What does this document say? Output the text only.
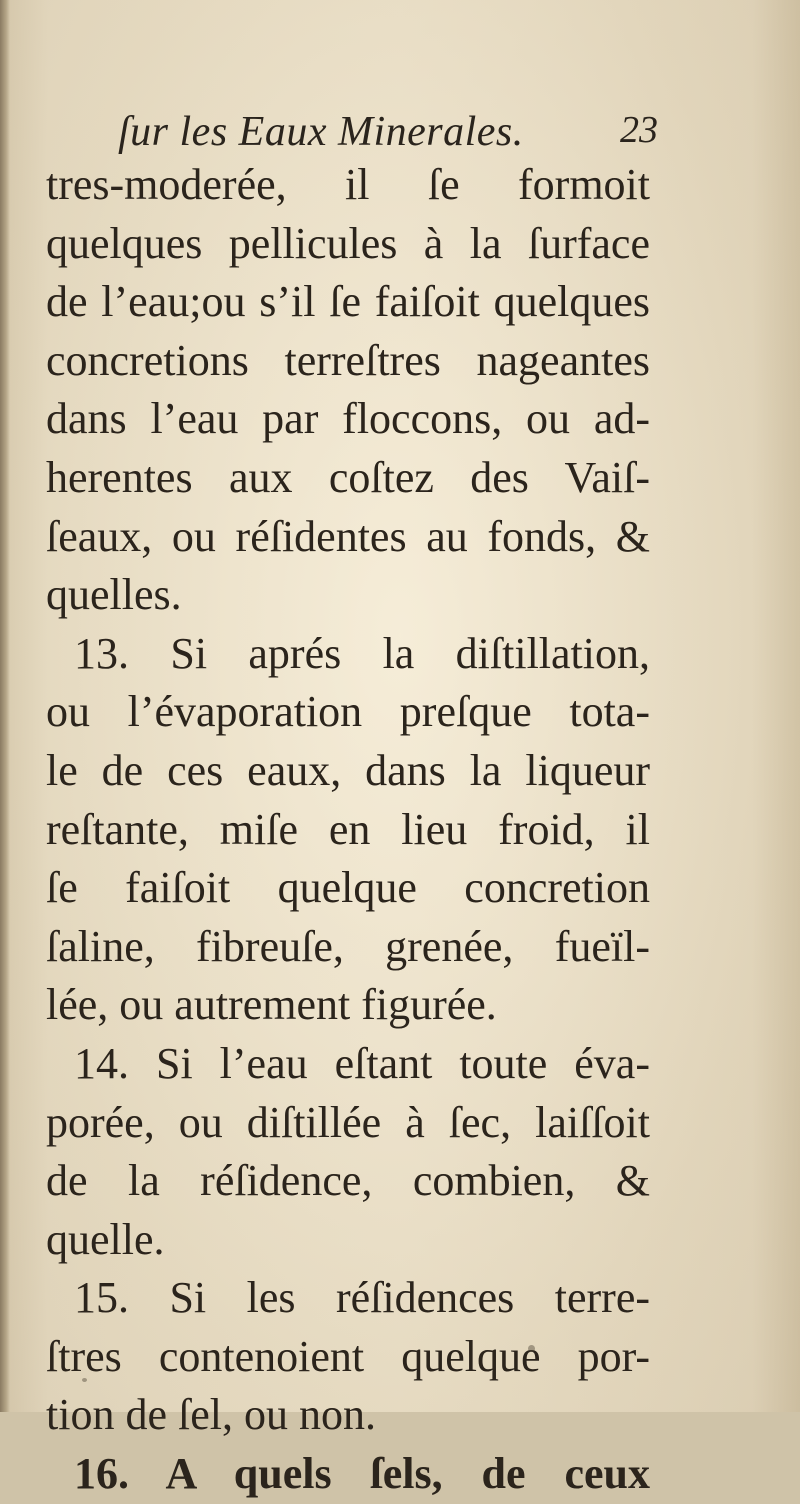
ſur les Eaux Minerales.	23
tres-moderée, il ſe formoit
quelques pellicules à la ſurface
de l’eau;ou s’il ſe faiſoit quelques
concretions terreſtres nageantes
dans l’eau par floccons, ou ad-
herentes aux coſtez des Vaiſ-
ſeaux, ou réſidentes au fonds, &
quelles.
13. Si aprés la diſtillation,
ou l’évaporation preſque tota-
le de ces eaux, dans la liqueur
reſtante, miſe en lieu froid, il
ſe faiſoit quelque concretion
ſaline, fibreuſe, grenée, fueïl-
lée, ou autrement figurée.
14. Si l’eau eſtant toute éva-
porée, ou diſtillée à ſec, laiſſoit
de la réſidence, combien, &
quelle.
15. Si les réſidences terre-
ſtres contenoient quelque por-
tion de ſel, ou non.
16. A quels ſels, de ceux
